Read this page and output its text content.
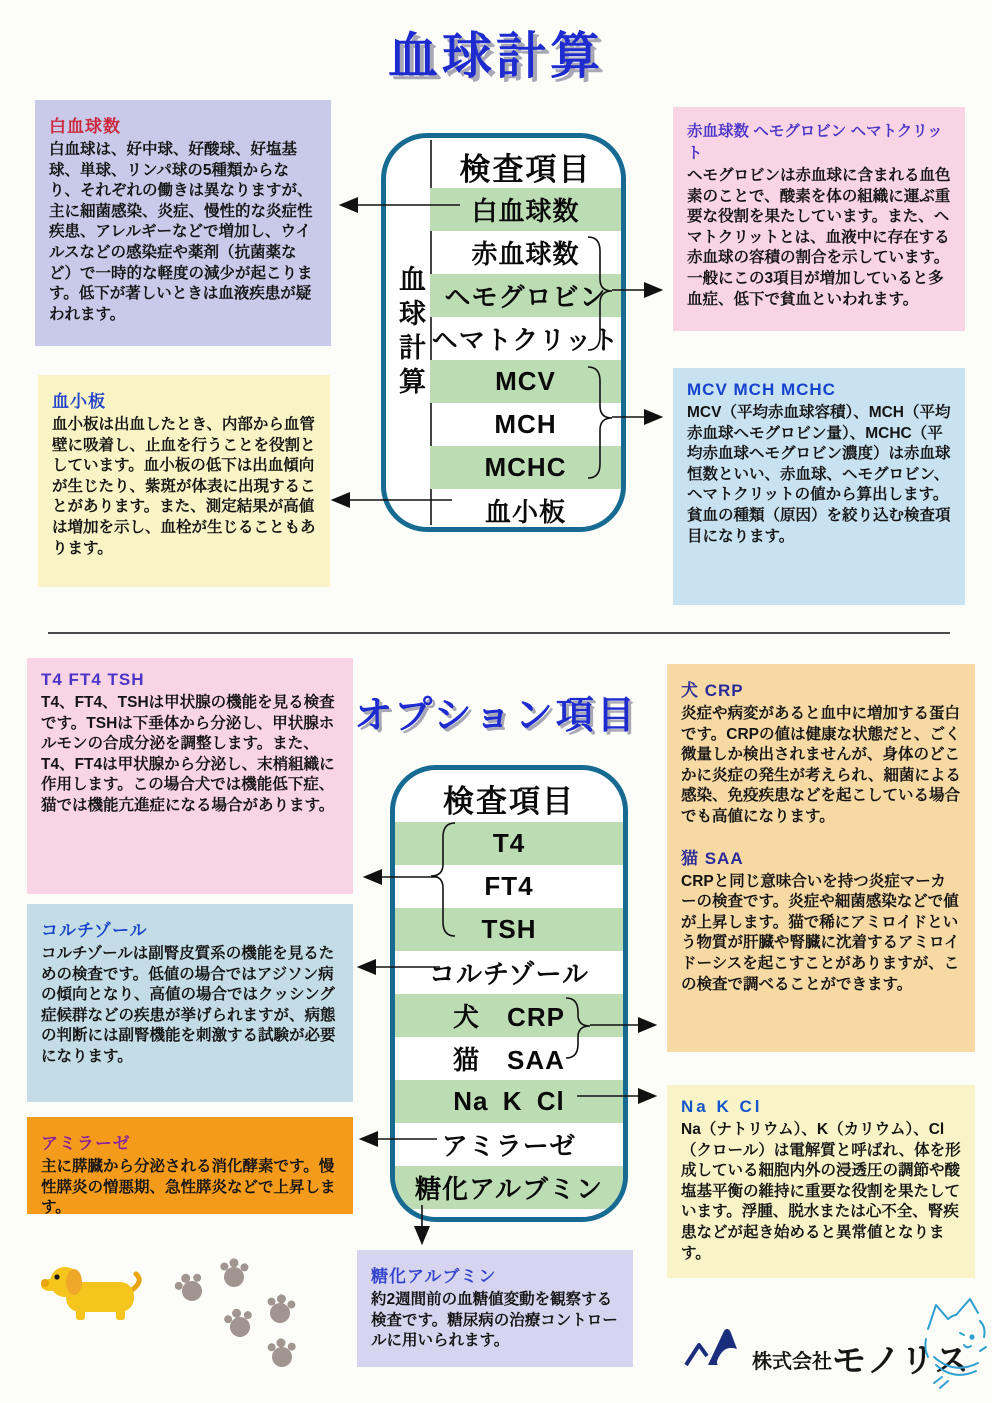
血球計算
白血球数

白血球は、好中球、好酸球、好塩基球、単球、リンパ球の5種類からなり、それぞれの働きは異なりますが、主に細菌感染、炎症、慢性的な炎症性疾患、アレルギーなどで増加し、ウイルスなどの感染症や薬剤（抗菌薬など）で一時的な軽度の減少が起こります。低下が著しいときは血液疾患が疑われます。

赤血球数 ヘモグロビン ヘマトクリット

ヘモグロビンは赤血球に含まれる血色素のことで、酸素を体の組織に運ぶ重要な役割を果たしています。また、ヘマトクリットとは、血液中に存在する赤血球の容積の割合を示しています。一般にこの3項目が増加していると多血症、低下で貧血といわれます。

MCV MCH MCHC

MCV（平均赤血球容積）、MCH（平均赤血球ヘモグロビン量）、MCHC（平均赤血球ヘモグロビン濃度）は赤血球恒数といい、赤血球、ヘモグロビン、ヘマトクリットの値から算出します。貧血の種類（原因）を絞り込む検査項目になります。

血小板

血小板は出血したとき、内部から血管壁に吸着し、止血を行うことを役割としています。血小板の低下は出血傾向が生じたり、紫斑が体表に出現することがあります。また、測定結果が高値は増加を示し、血栓が生じることもあります。

血球計算
検査項目
白血球数
赤血球数
ヘモグロビン
ヘマトクリット
MCV
MCH
MCHC
血小板
オプション項目
T4 FT4 TSH

T4、FT4、TSHは甲状腺の機能を見る検査です。TSHは下垂体から分泌し、甲状腺ホルモンの合成分泌を調整します。また、T4、FT4は甲状腺から分泌し、末梢組織に作用します。この場合犬では機能低下症、猫では機能亢進症になる場合があります。

コルチゾール

コルチゾールは副腎皮質系の機能を見るための検査です。低値の場合ではアジソン病の傾向となり、高値の場合ではクッシング症候群などの疾患が挙げられますが、病態の判断には副腎機能を刺激する試験が必要になります。

アミラーゼ

主に膵臓から分泌される消化酵素です。慢性膵炎の憎悪期、急性膵炎などで上昇します。

犬 CRP

炎症や病変があると血中に増加する蛋白です。CRPの値は健康な状態だと、ごく微量しか検出されませんが、身体のどこかに炎症の発生が考えられ、細菌による感染、免疫疾患などを起こしている場合でも高値になります。

猫 SAA

CRPと同じ意味合いを持つ炎症マーカーの検査です。炎症や細菌感染などで値が上昇します。猫で稀にアミロイドという物質が肝臓や腎臓に沈着するアミロイドーシスを起こすことがありますが、この検査で調べることができます。

Na K Cl

Na（ナトリウム）、K（カリウム）、Cl（クロール）は電解質と呼ばれ、体を形成している細胞内外の浸透圧の調節や酸塩基平衡の維持に重要な役割を果たしています。浮腫、脱水または心不全、腎疾患などが起き始めると異常値となります。

糖化アルブミン

約2週間前の血糖値変動を観察する検査です。糖尿病の治療コントロールに用いられます。

検査項目
T4
FT4
TSH
コルチゾール
犬　CRP
猫　SAA
Na K Cl
アミラーゼ
糖化アルブミン
株式会社モノリス
